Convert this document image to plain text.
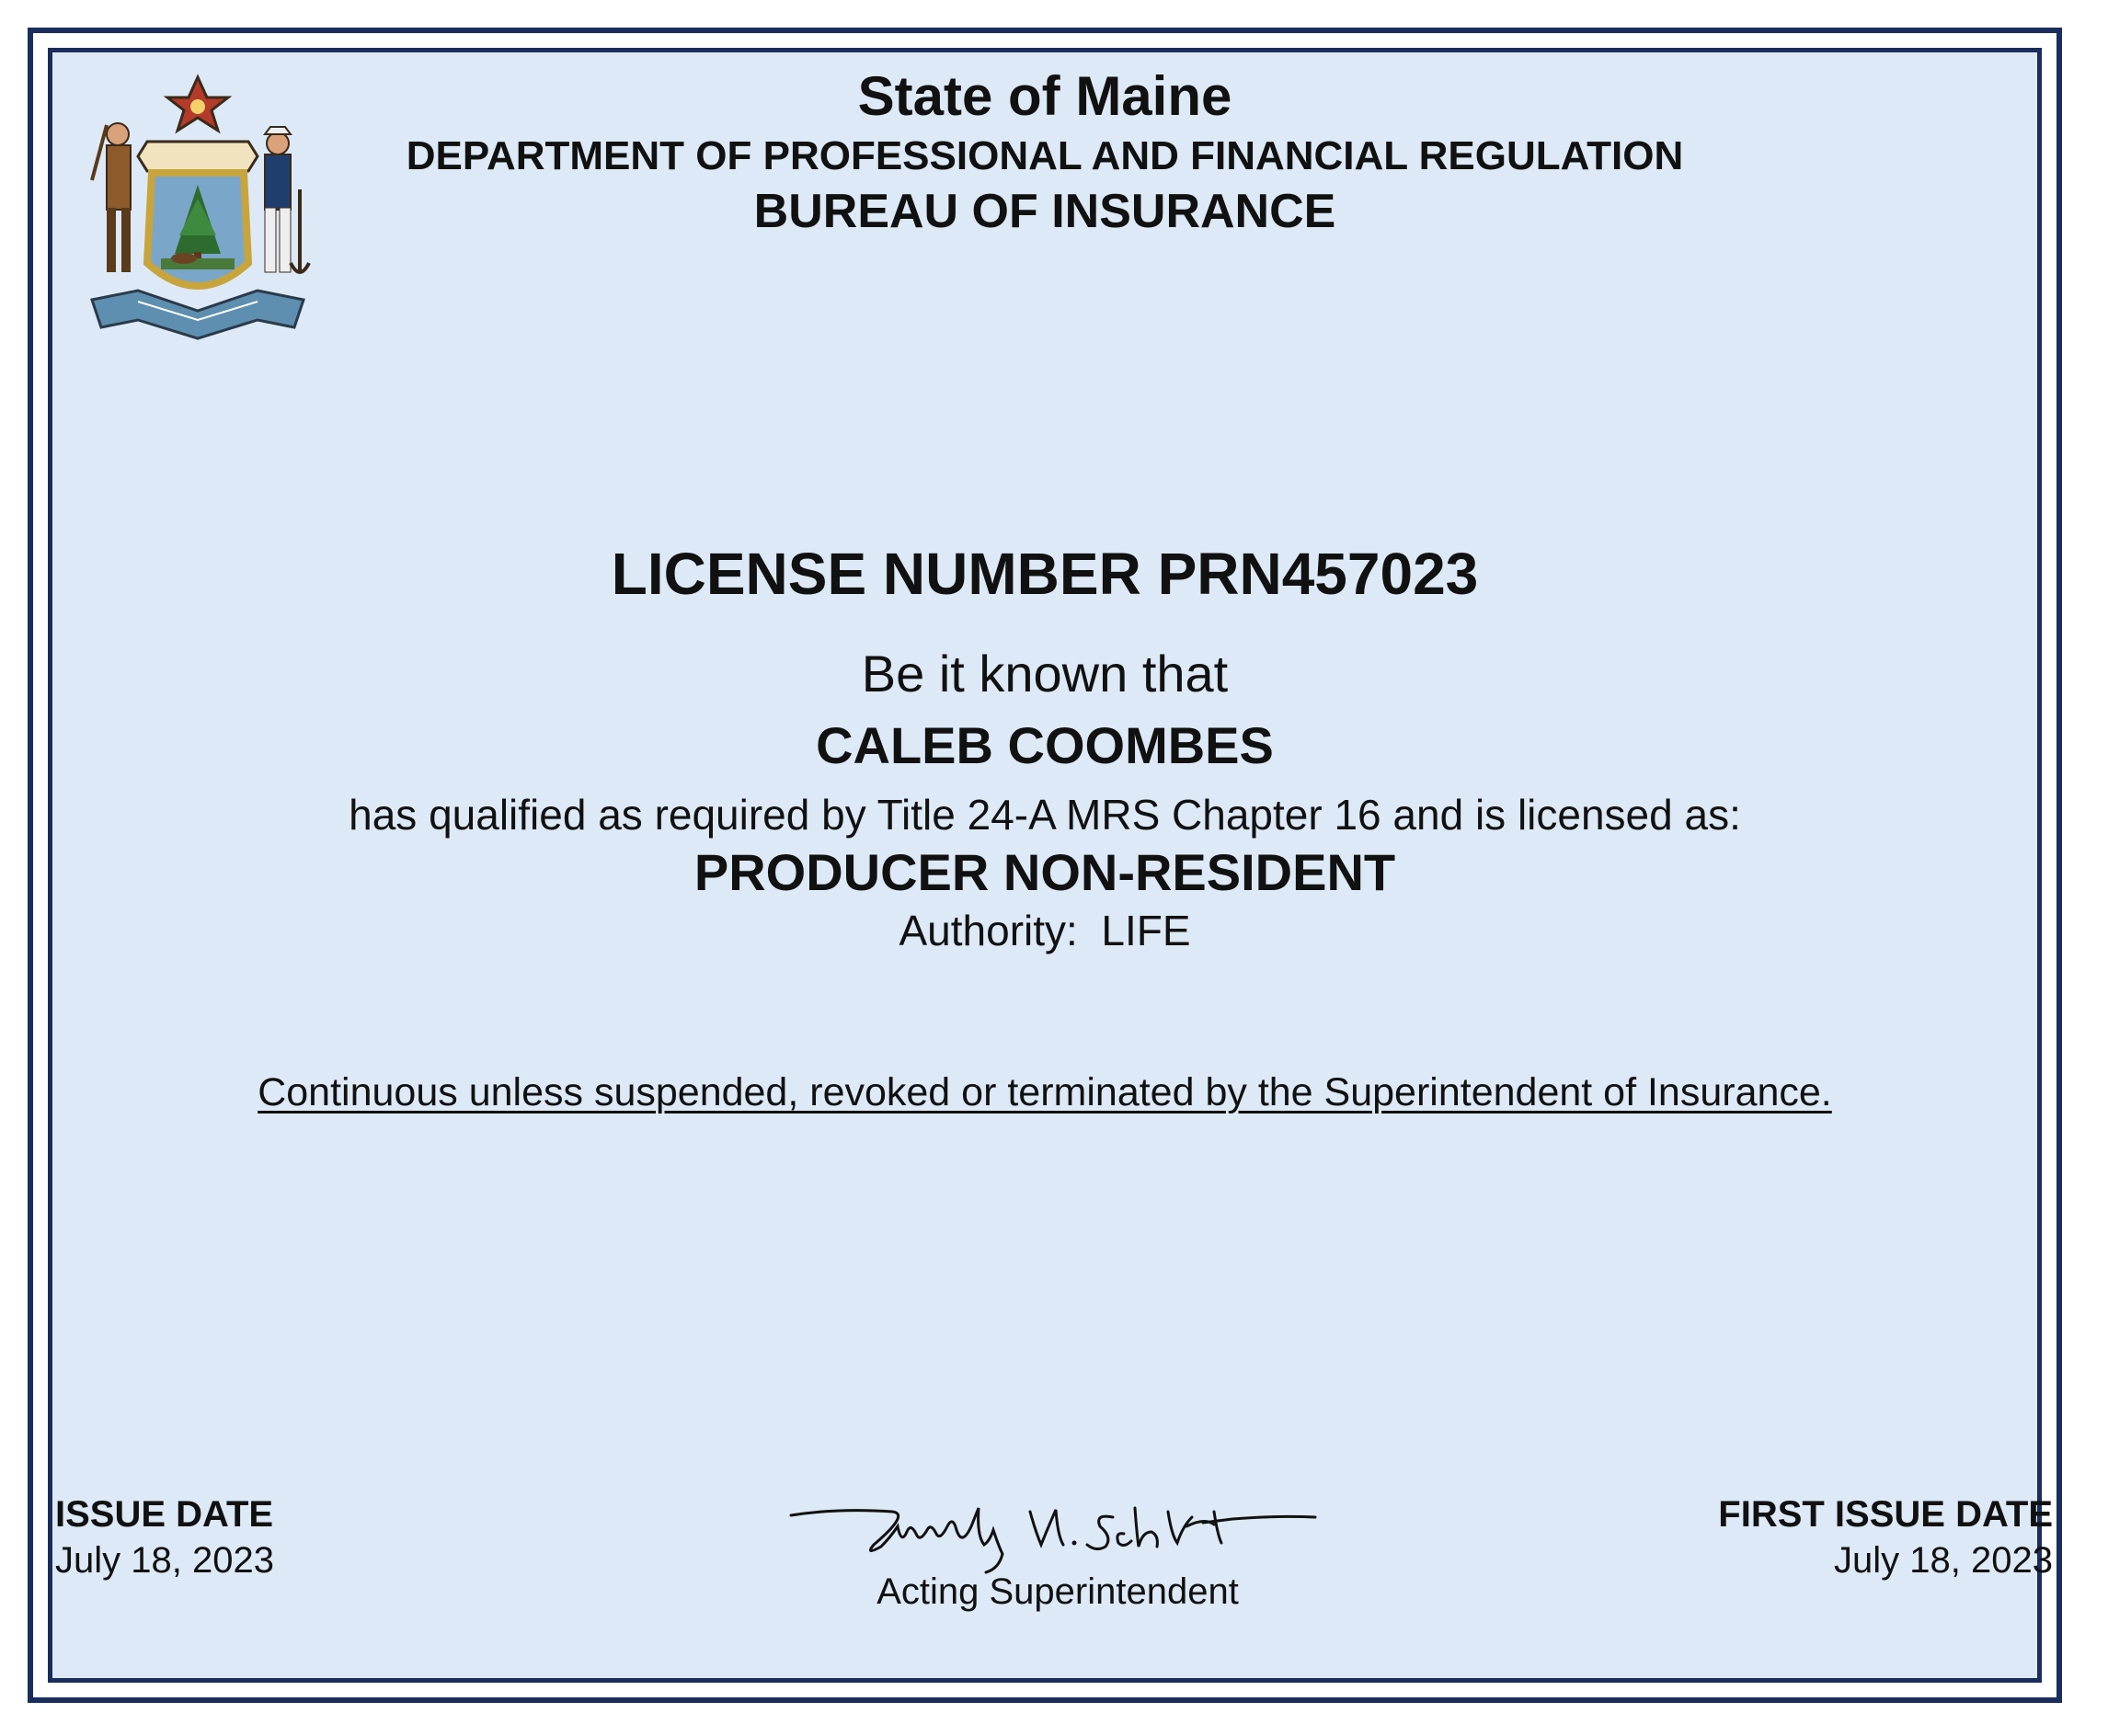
State of Maine
DEPARTMENT OF PROFESSIONAL AND FINANCIAL REGULATION
BUREAU OF INSURANCE
LICENSE NUMBER PRN457023
Be it known that
CALEB COOMBES
has qualified as required by Title 24-A MRS Chapter 16 and is licensed as:
PRODUCER NON-RESIDENT
Authority:  LIFE
Continuous unless suspended, revoked or terminated by the Superintendent of Insurance.
ISSUE DATE
July 18, 2023
Acting Superintendent
FIRST ISSUE DATE
July 18, 2023
